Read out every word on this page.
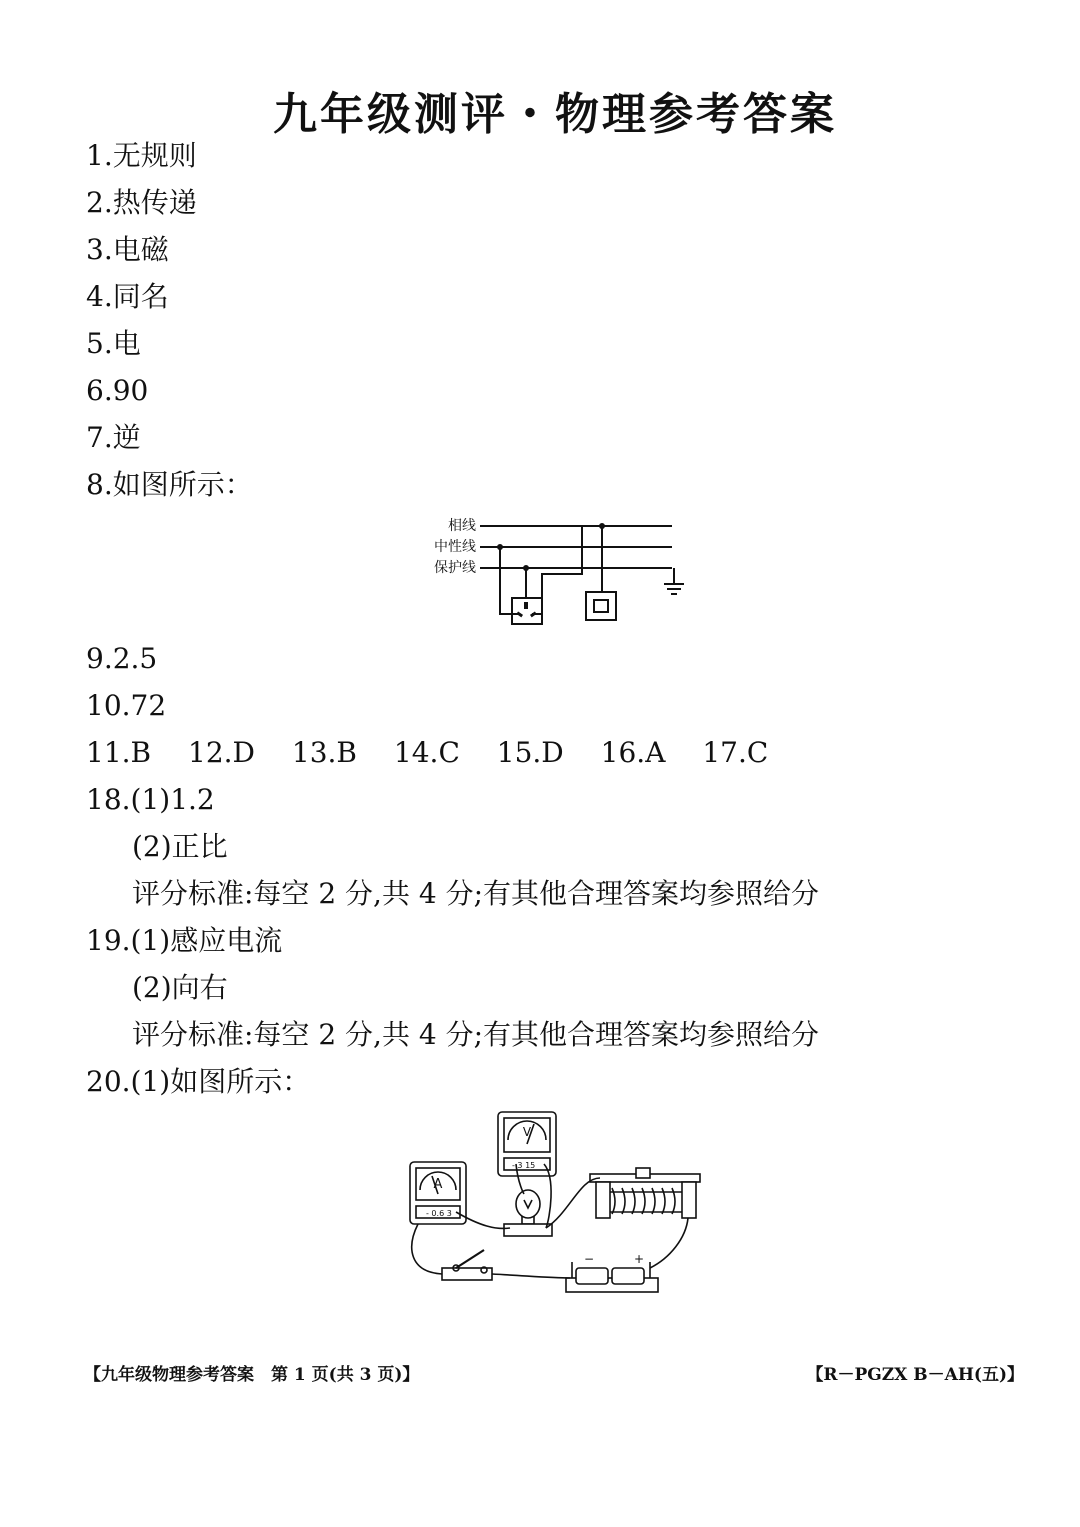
九年级测评・物理参考答案
1.无规则
2.热传递
3.电磁
4.同名
5.电
6.90
7.逆
8.如图所示：
相线
中性线
保护线
9.2.5
10.72
11.B 12.D 13.B 14.C 15.D 16.A 17.C
18.(1)1.2
(2)正比
评分标准:每空 2 分,共 4 分;有其他合理答案均参照给分
19.(1)感应电流
(2)向右
评分标准:每空 2 分,共 4 分;有其他合理答案均参照给分
20.(1)如图所示：
A
- 0.6 3
V
- 3 15
−	+
【九年级物理参考答案　第 1 页(共 3 页)】	【R－PGZX B－AH(五)】
